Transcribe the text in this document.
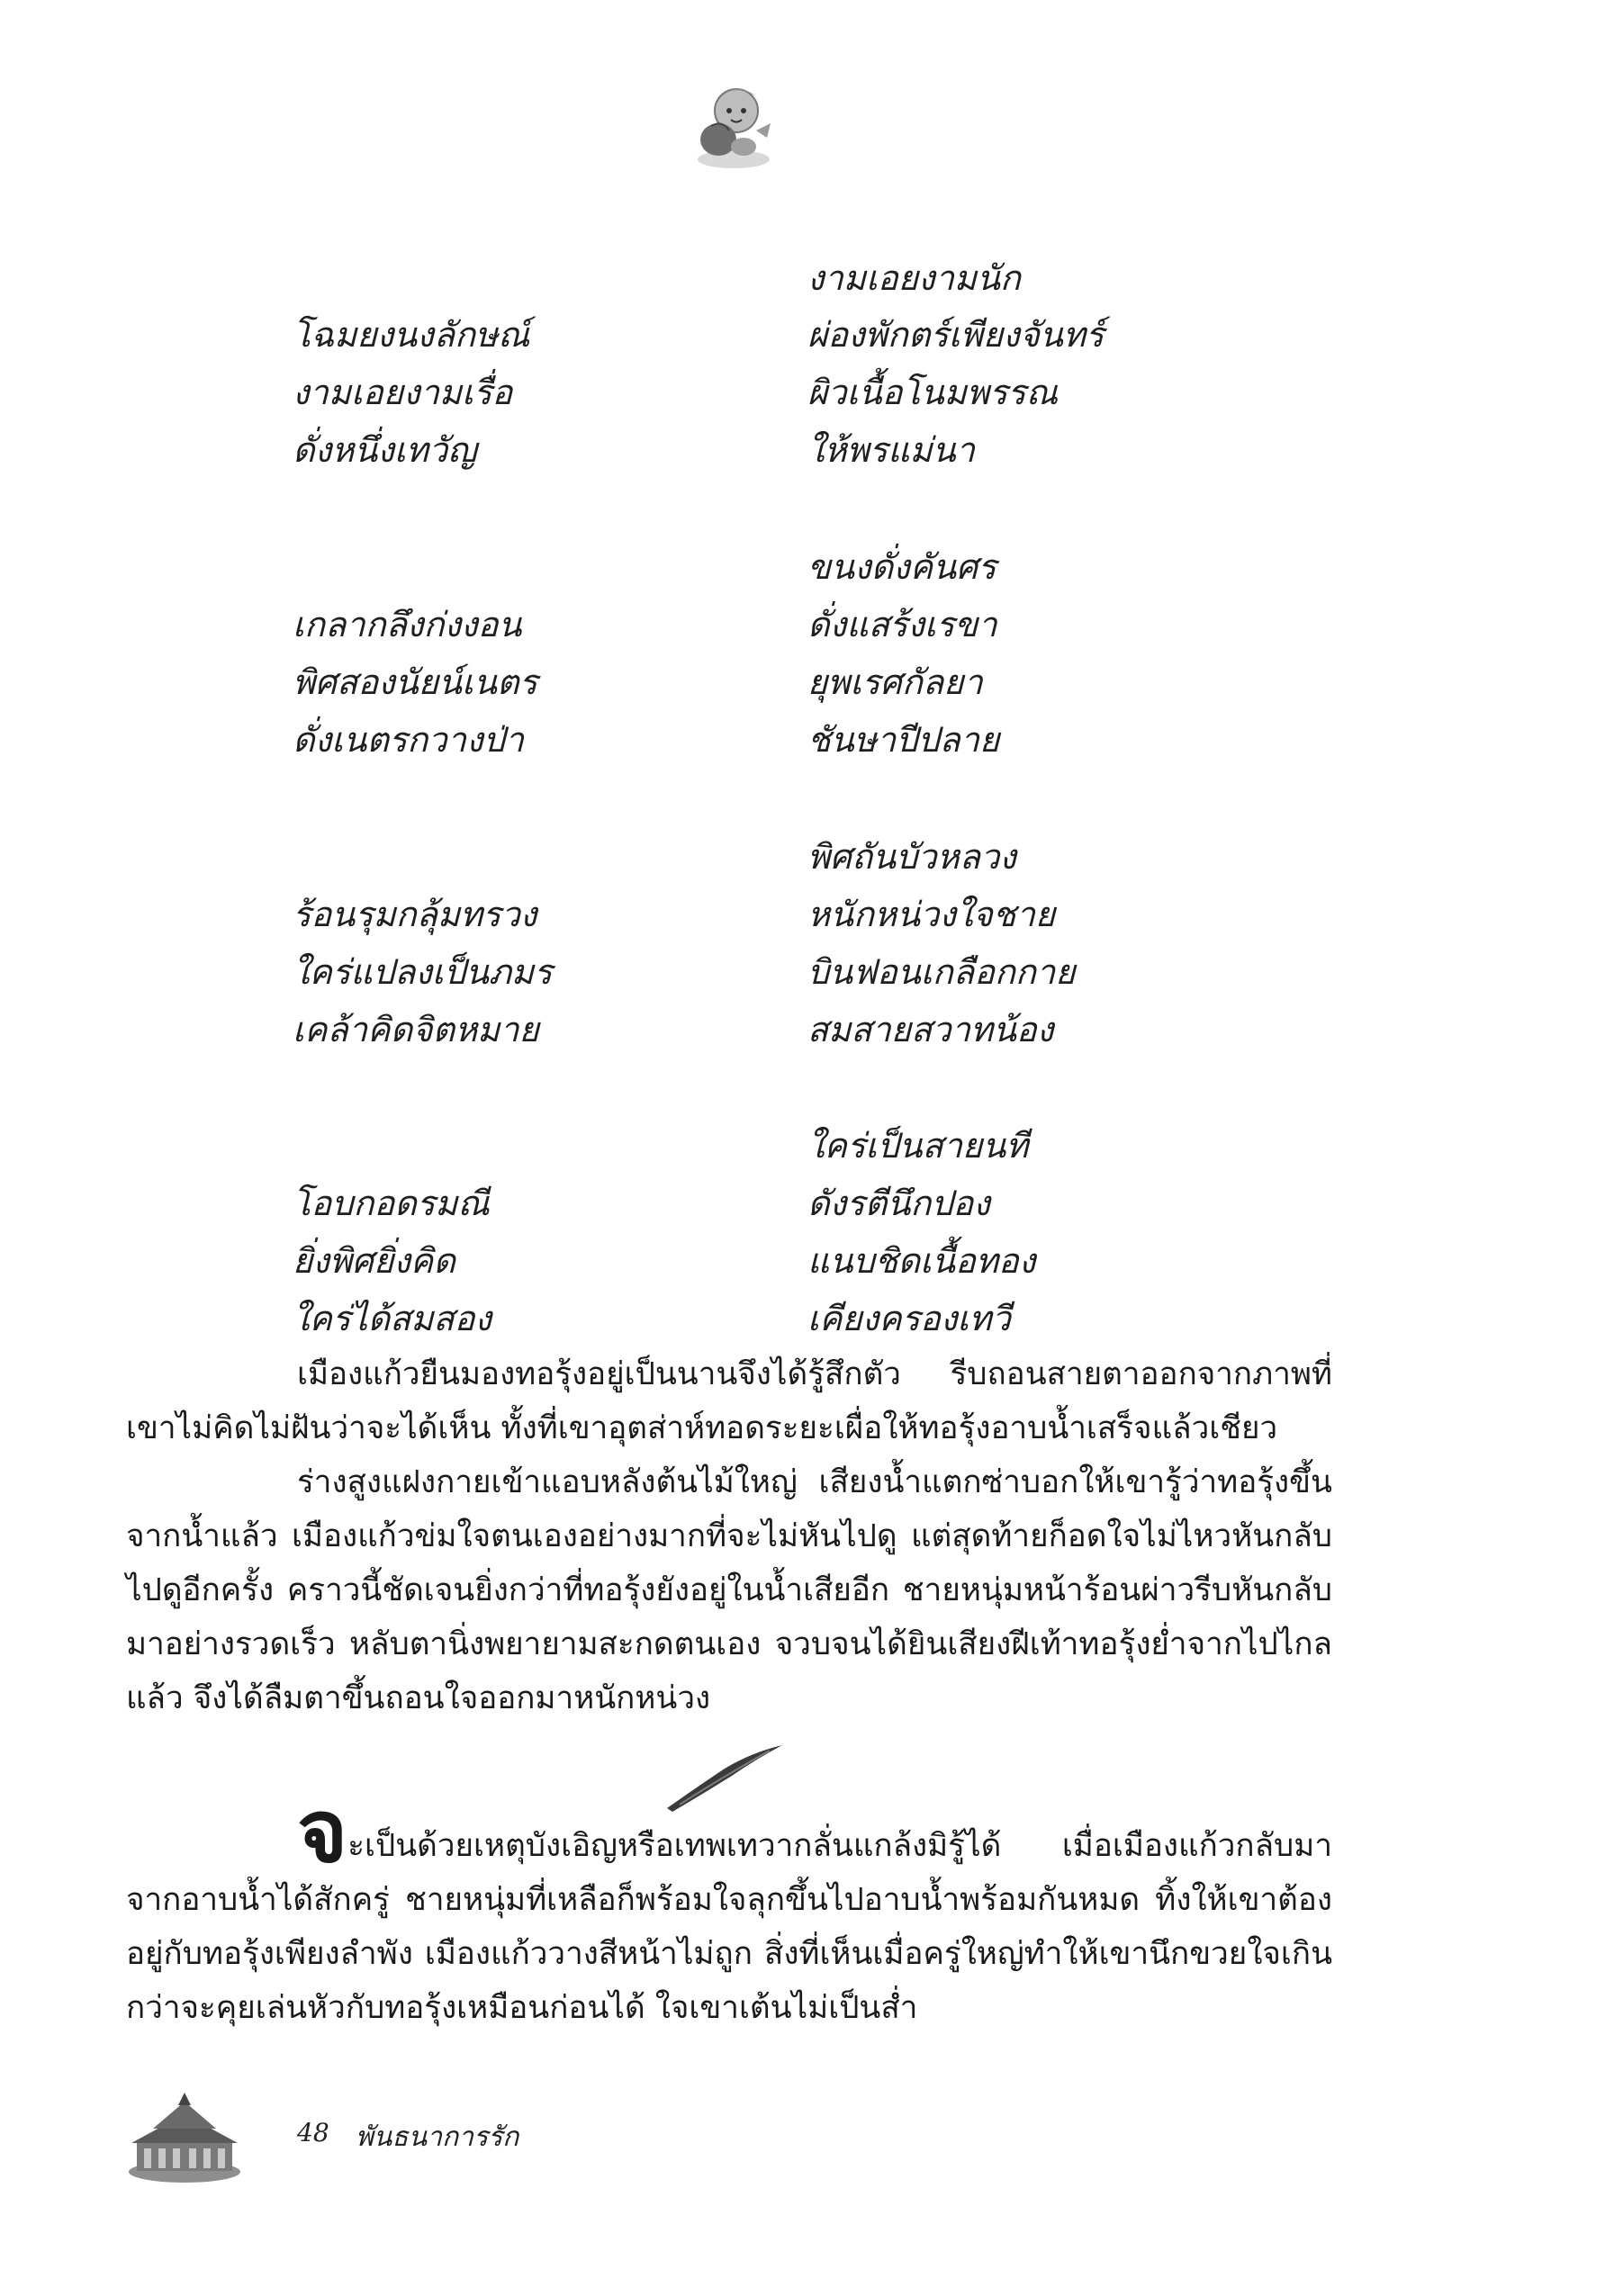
งามเอยงามนัก
โฉมยงนงลักษณ์	ผ่องพักตร์เพียงจันทร์
งามเอยงามเรื่อ	ผิวเนื้อโนมพรรณ
ดั่งหนึ่งเทวัญ	ให้พรแม่นา
ขนงดั่งคันศร
เกลากลึงก่งงอน	ดั่งแสร้งเรขา
พิศสองนัยน์เนตร	ยุพเรศกัลยา
ดั่งเนตรกวางป่า	ชันษาปีปลาย
พิศถันบัวหลวง
ร้อนรุมกลุ้มทรวง	หนักหน่วงใจชาย
ใคร่แปลงเป็นภมร	บินฟอนเกลือกกาย
เคล้าคิดจิตหมาย	สมสายสวาทน้อง
ใคร่เป็นสายนที
โอบกอดรมณี	ดังรตีนึกปอง
ยิ่งพิศยิ่งคิด	แนบชิดเนื้อทอง
ใคร่ได้สมสอง	เคียงครองเทวี

เมืองแก้วยืนมองทอรุ้งอยู่เป็นนานจึงได้รู้สึกตัว รีบถอนสายตาออกจากภาพที่เขาไม่คิดไม่ฝันว่าจะได้เห็น ทั้งที่เขาอุตส่าห์ทอดระยะเผื่อให้ทอรุ้งอาบน้ำเสร็จแล้วเชียว

ร่างสูงแฝงกายเข้าแอบหลังต้นไม้ใหญ่ เสียงน้ำแตกซ่าบอกให้เขารู้ว่าทอรุ้งขึ้นจากน้ำแล้ว เมืองแก้วข่มใจตนเองอย่างมากที่จะไม่หันไปดู แต่สุดท้ายก็อดใจไม่ไหวหันกลับไปดูอีกครั้ง คราวนี้ชัดเจนยิ่งกว่าที่ทอรุ้งยังอยู่ในน้ำเสียอีก ชายหนุ่มหน้าร้อนผ่าวรีบหันกลับมาอย่างรวดเร็ว หลับตานิ่งพยายามสะกดตนเอง จวบจนได้ยินเสียงฝีเท้าทอรุ้งย่ำจากไปไกลแล้ว จึงได้ลืมตาขึ้นถอนใจออกมาหนักหน่วง

จะเป็นด้วยเหตุบังเอิญหรือเทพเทวากลั่นแกล้งมิรู้ได้ เมื่อเมืองแก้วกลับมาจากอาบน้ำได้สักครู่ ชายหนุ่มที่เหลือก็พร้อมใจลุกขึ้นไปอาบน้ำพร้อมกันหมด ทิ้งให้เขาต้องอยู่กับทอรุ้งเพียงลำพัง เมืองแก้ววางสีหน้าไม่ถูก สิ่งที่เห็นเมื่อครู่ใหญ่ทำให้เขานึกขวยใจเกินกว่าจะคุยเล่นหัวกับทอรุ้งเหมือนก่อนได้ ใจเขาเต้นไม่เป็นส่ำ

48 พันธนาการรัก
